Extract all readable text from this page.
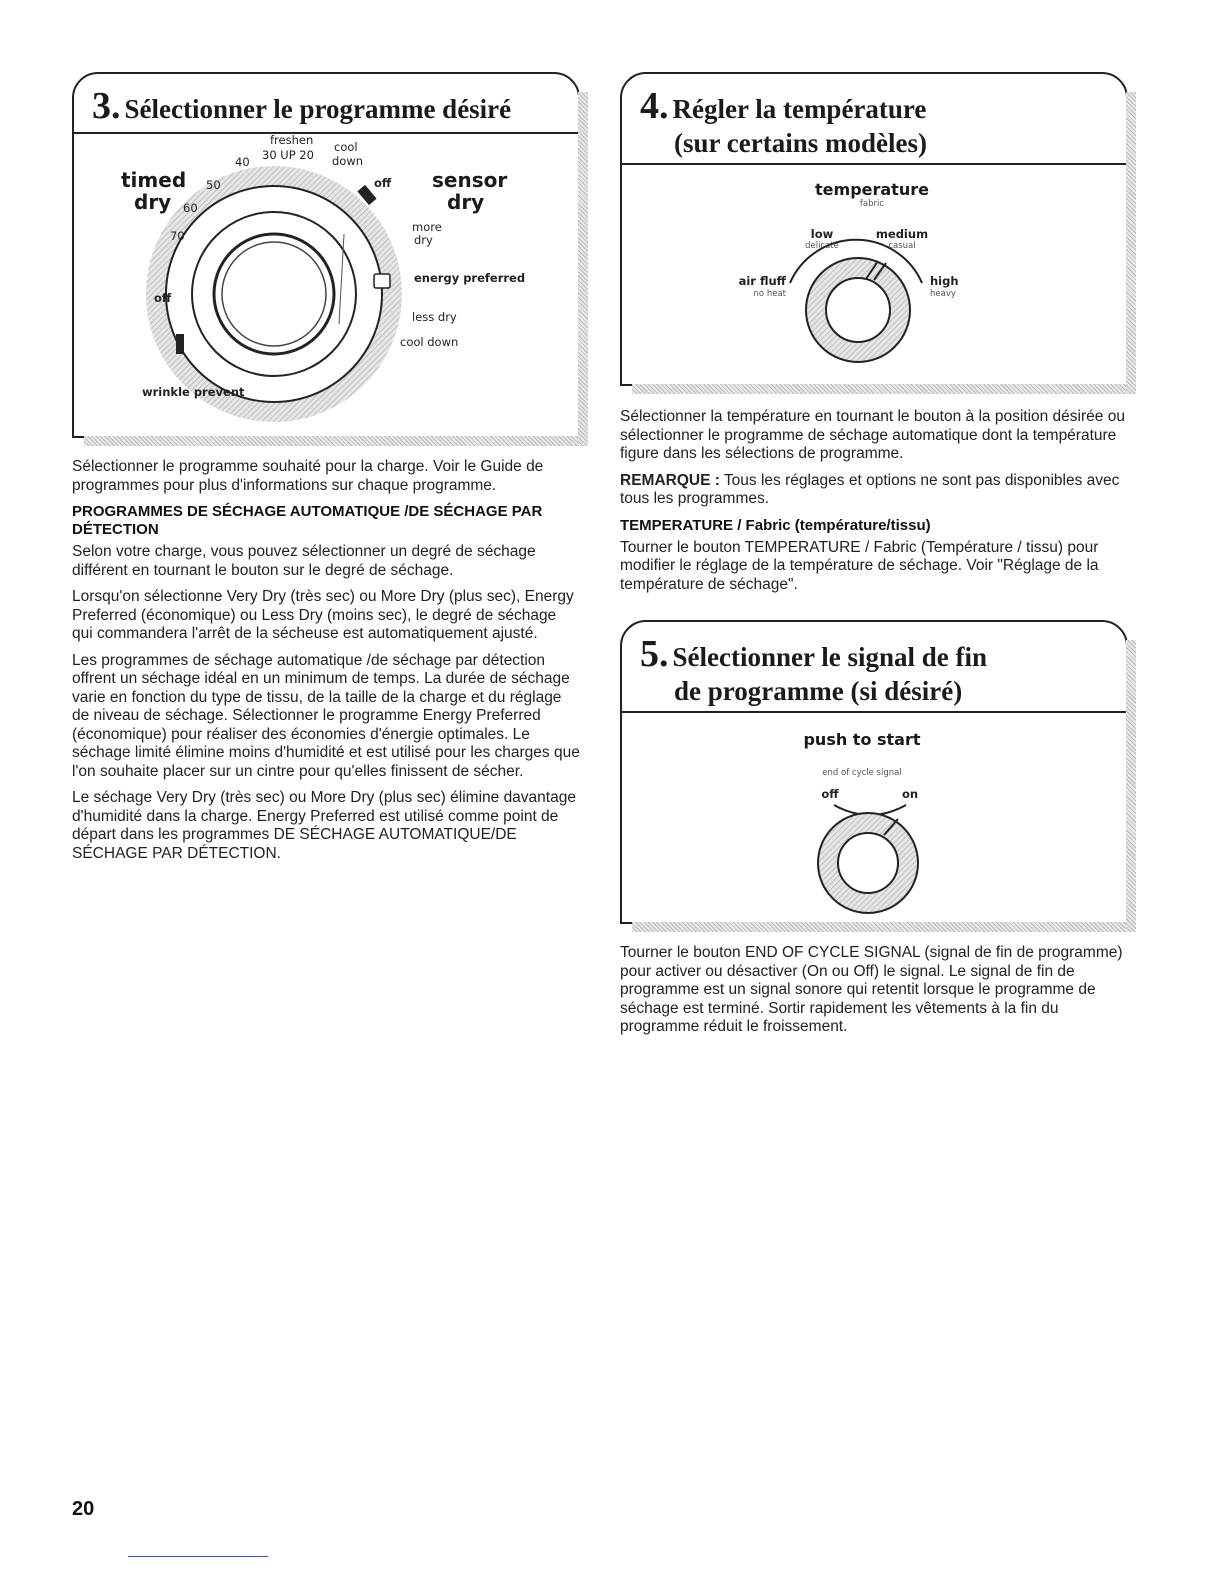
3. Sélectionner le programme désiré
timed
dry
sensor
dry
freshen
30 UP 20
cool
down
40
50
60
70
off
more
dry
energy preferred
less dry
cool down
off
wrinkle prevent

Sélectionner le programme souhaité pour la charge. Voir le Guide de programmes pour plus d'informations sur chaque programme.

PROGRAMMES DE SÉCHAGE AUTOMATIQUE /DE SÉCHAGE PAR DÉTECTION

Selon votre charge, vous pouvez sélectionner un degré de séchage différent en tournant le bouton sur le degré de séchage.

Lorsqu'on sélectionne Very Dry (très sec) ou More Dry (plus sec), Energy Preferred (économique) ou Less Dry (moins sec), le degré de séchage qui commandera l'arrêt de la sécheuse est automatiquement ajusté.

Les programmes de séchage automatique /de séchage par détection offrent un séchage idéal en un minimum de temps. La durée de séchage varie en fonction du type de tissu, de la taille de la charge et du réglage de niveau de séchage. Sélectionner le programme Energy Preferred (économique) pour réaliser des économies d'énergie optimales. Le séchage limité élimine moins d'humidité et est utilisé pour les charges que l'on souhaite placer sur un cintre pour qu'elles finissent de sécher.

Le séchage Very Dry (très sec) ou More Dry (plus sec) élimine davantage d'humidité dans la charge. Energy Preferred est utilisé comme point de départ dans les programmes DE SÉCHAGE AUTOMATIQUE/DE SÉCHAGE PAR DÉTECTION.

4. Régler la température
(sur certains modèles)
temperature
fabric
low
delicate
medium
casual
air fluff
no heat
high
heavy

Sélectionner la température en tournant le bouton à la position désirée ou sélectionner le programme de séchage automatique dont la température figure dans les sélections de programme.

REMARQUE : Tous les réglages et options ne sont pas disponibles avec tous les programmes.

TEMPERATURE / Fabric (température/tissu)

Tourner le bouton TEMPERATURE / Fabric (Température / tissu) pour modifier le réglage de la température de séchage. Voir "Réglage de la température de séchage".

5. Sélectionner le signal de fin
de programme (si désiré)
push to start
end of cycle signal
off	on

Tourner le bouton END OF CYCLE SIGNAL (signal de fin de programme) pour activer ou désactiver (On ou Off) le signal. Le signal de fin de programme est un signal sonore qui retentit lorsque le programme de séchage est terminé. Sortir rapidement les vêtements à la fin du programme réduit le froissement.

20
